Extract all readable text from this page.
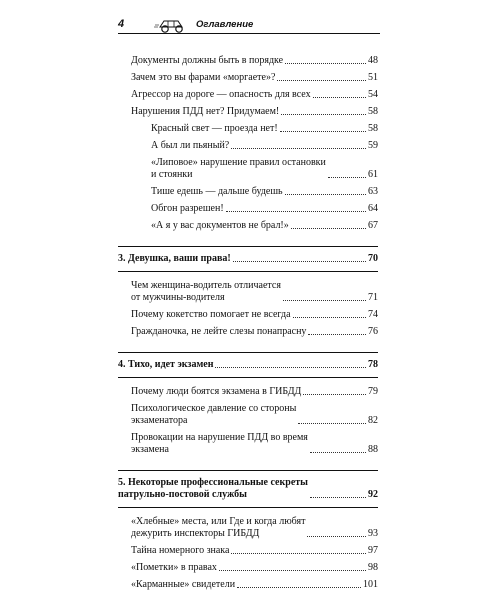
4	Оглавление
Документы должны быть в порядке	48
Зачем это вы фарами «моргаете»?	51
Агрессор на дороге — опасность для всех	54
Нарушения ПДД нет? Придумаем!	58
Красный свет — проезда нет!	58
А был ли пьяный?	59
«Липовое» нарушение правил остановки
и стоянки	61
Тише едешь — дальше будешь	63
Обгон разрешен!	64
«А я у вас документов не брал!»	67
3. Девушка, ваши права!	70
Чем женщина-водитель отличается
от мужчины-водителя	71
Почему кокетство помогает не всегда	74
Гражданочка, не лейте слезы понапрасну	76
4. Тихо, идет экзамен	78
Почему люди боятся экзамена в ГИБДД	79
Психологическое давление со стороны
экзаменатора	82
Провокации на нарушение ПДД во время
экзамена	88
5. Некоторые профессиональные секреты
патрульно-постовой службы	92
«Хлебные» места, или Где и когда любят
дежурить инспекторы ГИБДД	93
Тайна номерного знака	97
«Пометки» в правах	98
«Карманные» свидетели	101
